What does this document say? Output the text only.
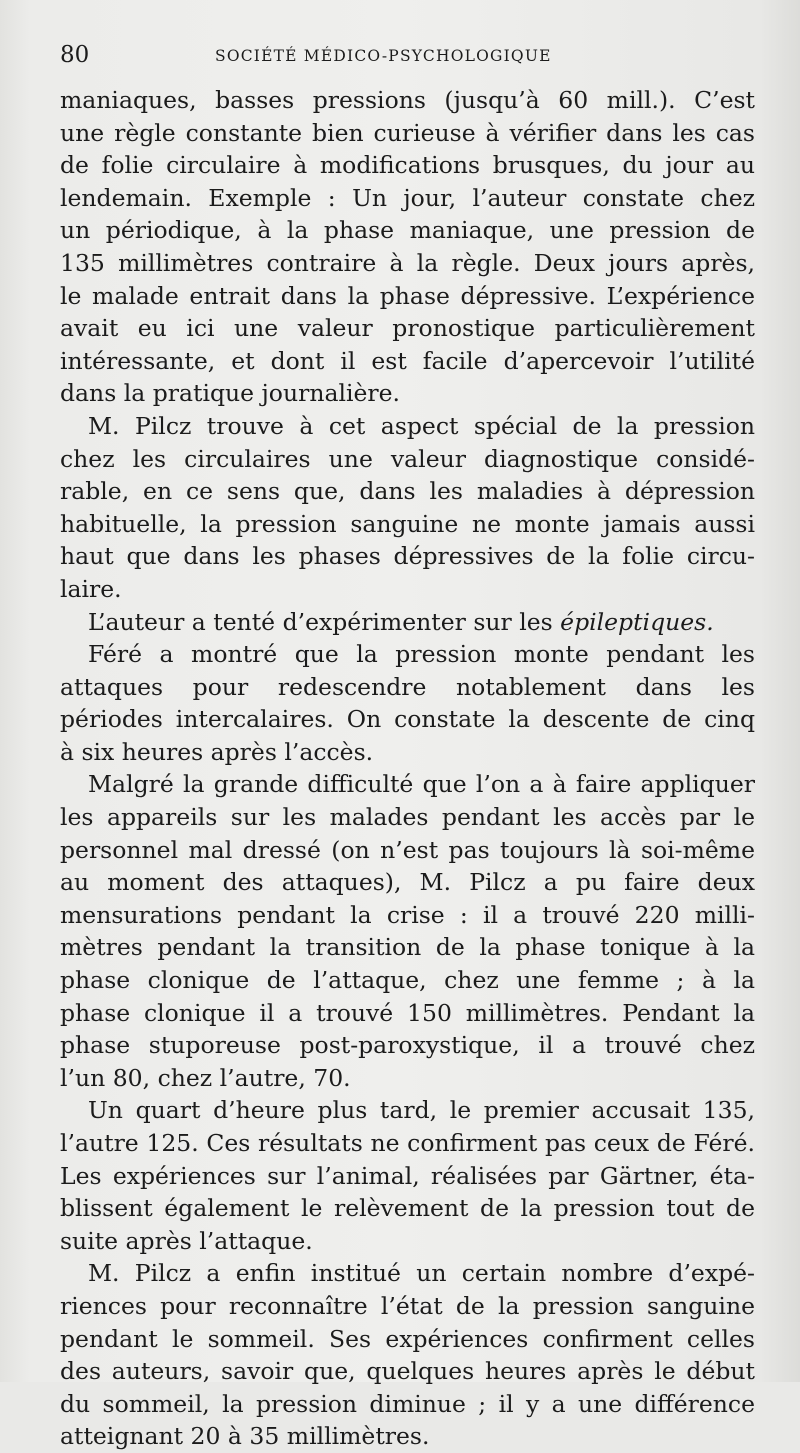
80	SOCIÉTÉ MÉDICO-PSYCHOLOGIQUE
maniaques, basses pressions (jusqu’à 60 mill.). C’est
une règle constante bien curieuse à vérifier dans les cas
de folie circulaire à modifications brusques, du jour au
lendemain. Exemple : Un jour, l’auteur constate chez
un périodique, à la phase maniaque, une pression de
135 millimètres contraire à la règle. Deux jours après,
le malade entrait dans la phase dépressive. L’expérience
avait eu ici une valeur pronostique particulièrement
intéressante, et dont il est facile d’apercevoir l’utilité
dans la pratique journalière.
M. Pilcz trouve à cet aspect spécial de la pression
chez les circulaires une valeur diagnostique considé-
rable, en ce sens que, dans les maladies à dépression
habituelle, la pression sanguine ne monte jamais aussi
haut que dans les phases dépressives de la folie circu-
laire.
L’auteur a tenté d’expérimenter sur les épileptiques.
Féré a montré que la pression monte pendant les
attaques pour redescendre notablement dans les
périodes intercalaires. On constate la descente de cinq
à six heures après l’accès.
Malgré la grande difficulté que l’on a à faire appliquer
les appareils sur les malades pendant les accès par le
personnel mal dressé (on n’est pas toujours là soi-même
au moment des attaques), M. Pilcz a pu faire deux
mensurations pendant la crise : il a trouvé 220 milli-
mètres pendant la transition de la phase tonique à la
phase clonique de l’attaque, chez une femme ; à la
phase clonique il a trouvé 150 millimètres. Pendant la
phase stuporeuse post-paroxystique, il a trouvé chez
l’un 80, chez l’autre, 70.
Un quart d’heure plus tard, le premier accusait 135,
l’autre 125. Ces résultats ne confirment pas ceux de Féré.
Les expériences sur l’animal, réalisées par Gärtner, éta-
blissent également le relèvement de la pression tout de
suite après l’attaque.
M. Pilcz a enfin institué un certain nombre d’expé-
riences pour reconnaître l’état de la pression sanguine
pendant le sommeil. Ses expériences confirment celles
des auteurs, savoir que, quelques heures après le début
du sommeil, la pression diminue ; il y a une différence
atteignant 20 à 35 millimètres.
